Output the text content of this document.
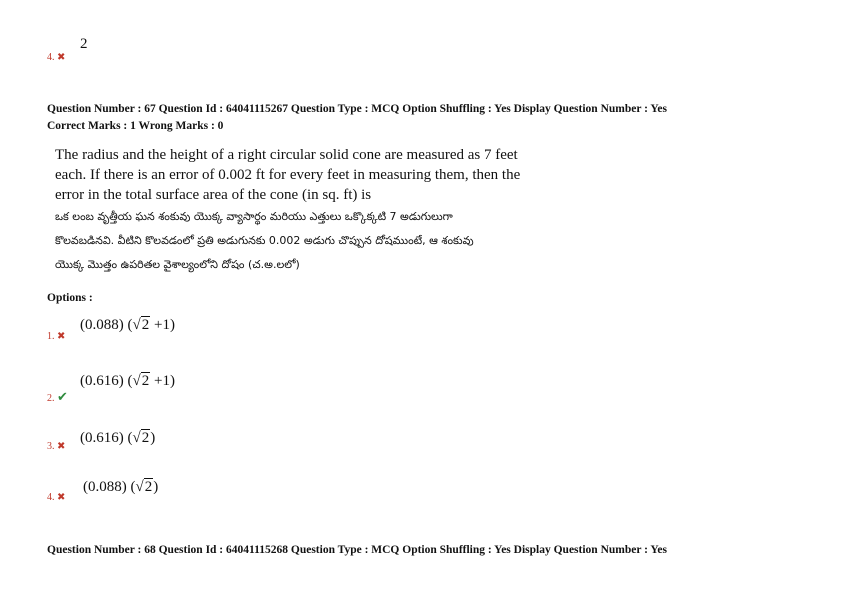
2
4. ✖
Question Number : 67 Question Id : 64041115267 Question Type : MCQ Option Shuffling : Yes Display Question Number : Yes
Correct Marks : 1 Wrong Marks : 0
The radius and the height of a right circular solid cone are measured as 7 feet
each. If there is an error of 0.002 ft for every feet in measuring them, then the
error in the total surface area of the cone (in sq. ft) is
ఒక లంబ వృత్తీయ ఘన శంకువు యొక్క వ్యాసార్థం మరియు ఎత్తులు ఒక్కొక్కటి 7 అడుగులుగా
కొలవబడినవి. వీటిని కొలవడంలో ప్రతి అడుగునకు 0.002 అడుగు చొప్పున దోషముంటే, ఆ శంకువు
యొక్క మొత్తం ఉపరితల వైశాల్యంలోని దోషం (చ.అ.లలో)
Options :
(0.088) (√2 +1)
1. ✖
(0.616) (√2 +1)
2. ✔
(0.616) (√2)
3. ✖
(0.088) (√2)
4. ✖
Question Number : 68 Question Id : 64041115268 Question Type : MCQ Option Shuffling : Yes Display Question Number : Yes
